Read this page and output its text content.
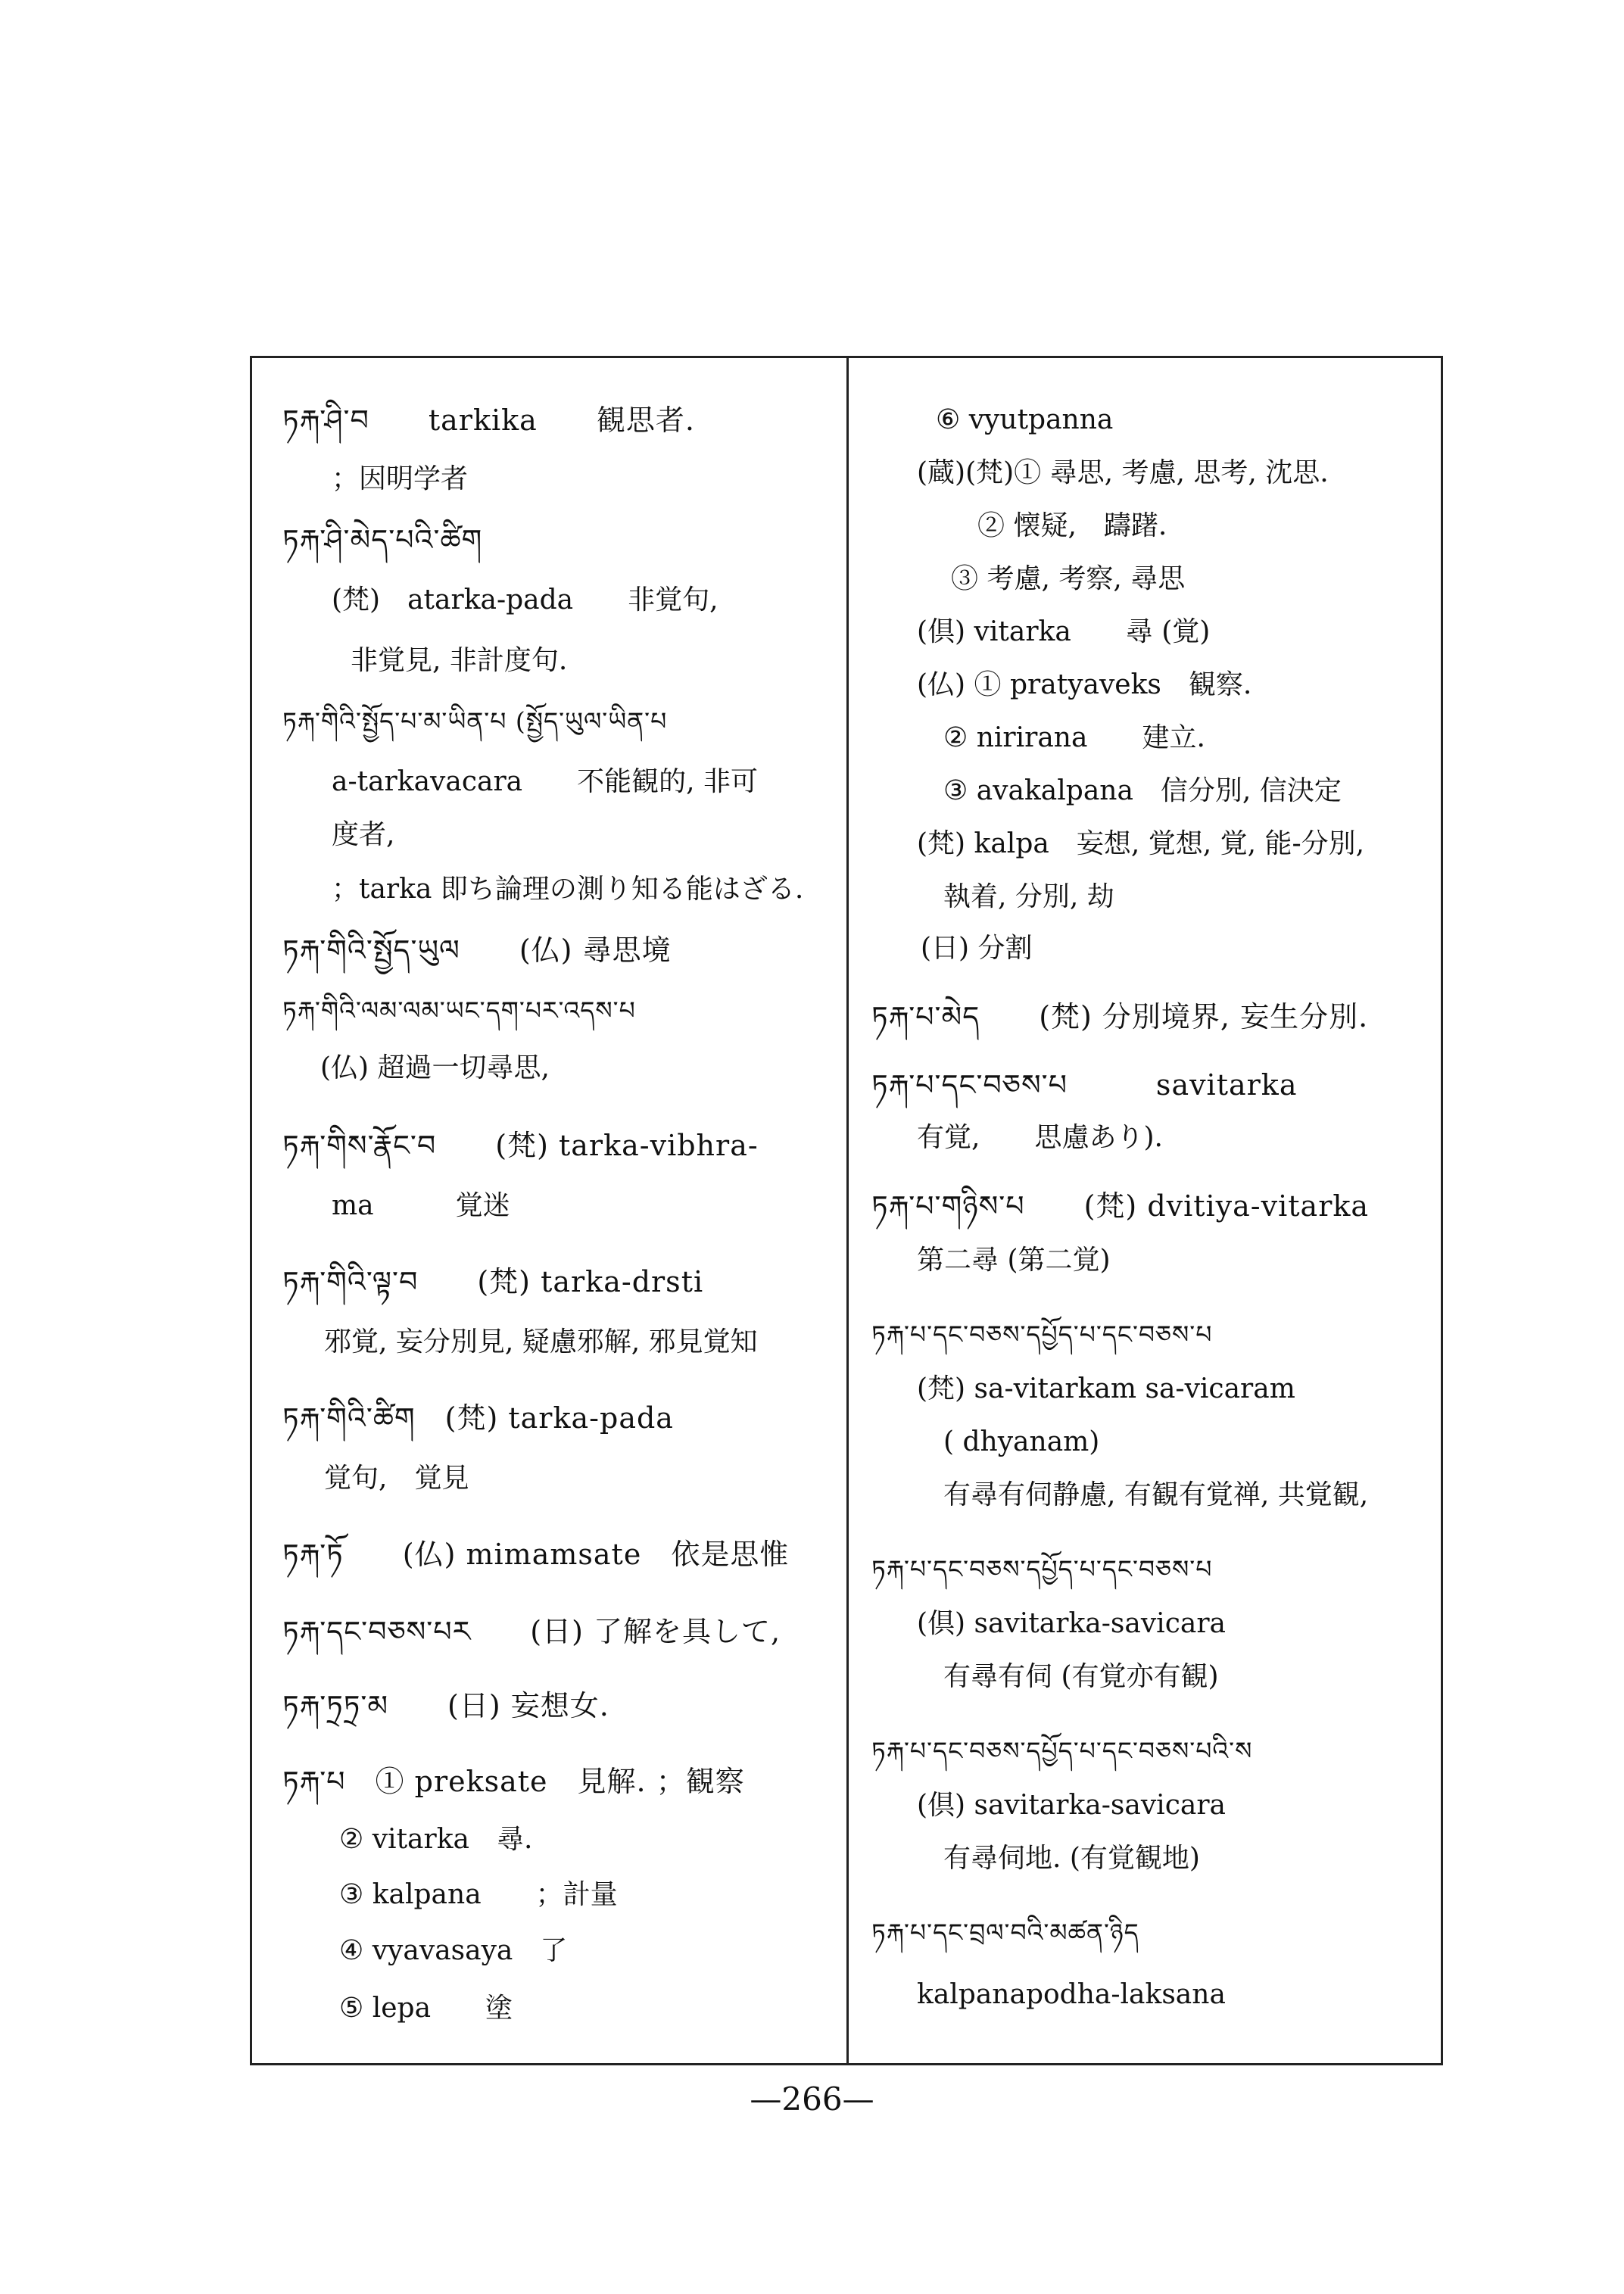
ཏརྐ་ཤི་བ　　tarkika　　観思者.
；因明学者
ཏརྐ་ཤི་མེད་པའི་ཚིག
(梵)　atarka-pada　　非覚句,
非覚見, 非計度句.
ཏརྐ་གིའི་སྤྱོད་པ་མ་ཡིན་པ (སྤྱོད་ཡུལ་ཡིན་པ
a-tarkavacara　　不能観的, 非可
度者,
；tarka 即ち論理の測り知る能はざる.
ཏརྐ་གིའི་སྤྱོད་ཡུལ　　(仏) 尋思境
ཏརྐ་གིའི་ལམ་ལམ་ཡང་དག་པར་འདས་པ
(仏) 超過一切尋思,
ཏརྐ་གིས་རྣོང་བ　　(梵) tarka-vibhra-
ma　　　覚迷
ཏརྐ་གིའི་ལྟ་བ　　(梵) tarka-drsti
邪覚, 妄分別見, 疑慮邪解, 邪見覚知
ཏརྐ་གིའི་ཚིག　(梵) tarka-pada
覚句,　覚見
ཏརྐ་ཏོ　　(仏) mimamsate　依是思惟
ཏརྐ་དང་བཅས་པར　　(日) 了解を具して,
ཏརྐ་ཏྲཏྲ་མ　　(日) 妄想女.
ཏརྐ་པ　① preksate　見解. ；観察
② vitarka　尋.
③ kalpana　　；計量
④ vyavasaya　了
⑤ lepa　　塗
⑥ vyutpanna
(蔵)(梵)① 尋思, 考慮, 思考, 沈思.
② 懐疑,　躊躇.
③ 考慮, 考察, 尋思
(倶) vitarka　　尋 (覚)
(仏) ① pratyaveks　観察.
② nirirana　　建立.
③ avakalpana　信分別, 信決定
(梵) kalpa　妄想, 覚想, 覚, 能-分別,
執着, 分別, 劫
(日) 分割
ཏརྐ་པ་མེད　　(梵) 分別境界, 妄生分別.
ཏརྐ་པ་དང་བཅས་པ　　　savitarka
有覚,　　思慮あり).
ཏརྐ་པ་གཉིས་པ　　(梵) dvitiya-vitarka
第二尋 (第二覚)
ཏརྐ་པ་དང་བཅས་དཔྱོད་པ་དང་བཅས་པ
(梵) sa-vitarkam sa-vicaram
( dhyanam)
有尋有伺静慮, 有観有覚禅, 共覚観,
ཏརྐ་པ་དང་བཅས་དཔྱོད་པ་དང་བཅས་པ
(倶) savitarka-savicara
有尋有伺 (有覚亦有観)
ཏརྐ་པ་དང་བཅས་དཔྱོད་པ་དང་བཅས་པའི་ས
(倶) savitarka-savicara
有尋伺地. (有覚観地)
ཏརྐ་པ་དང་བྲལ་བའི་མཚན་ཉིད
kalpanapodha-laksana
—266—
